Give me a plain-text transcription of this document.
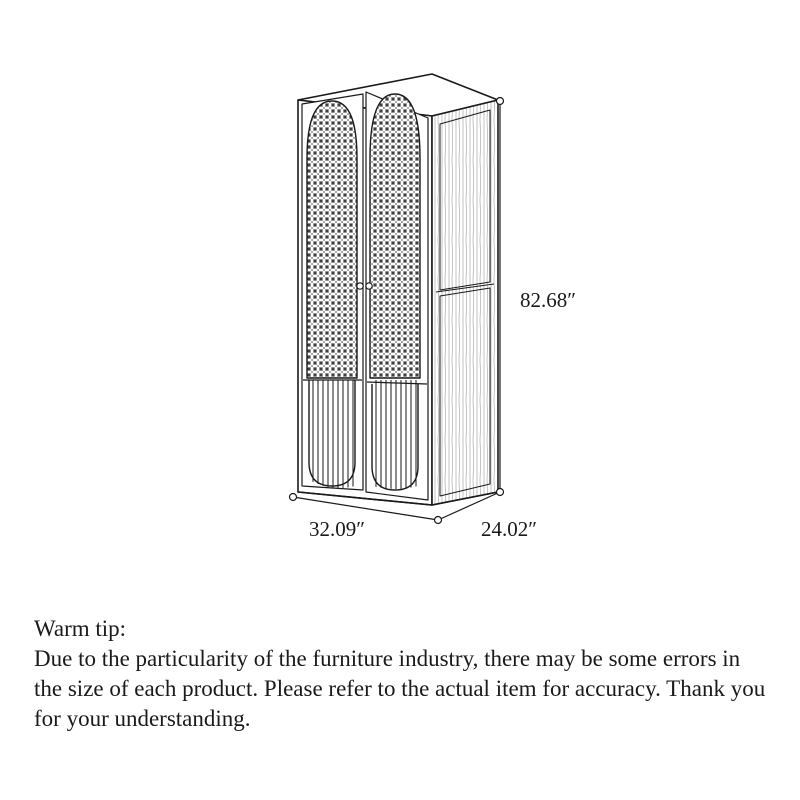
82.68″
32.09″	24.02″

Warm tip:

Due to the particularity of the furniture industry, there may be some errors in the size of each product. Please refer to the actual item for accuracy. Thank you for your understanding.
